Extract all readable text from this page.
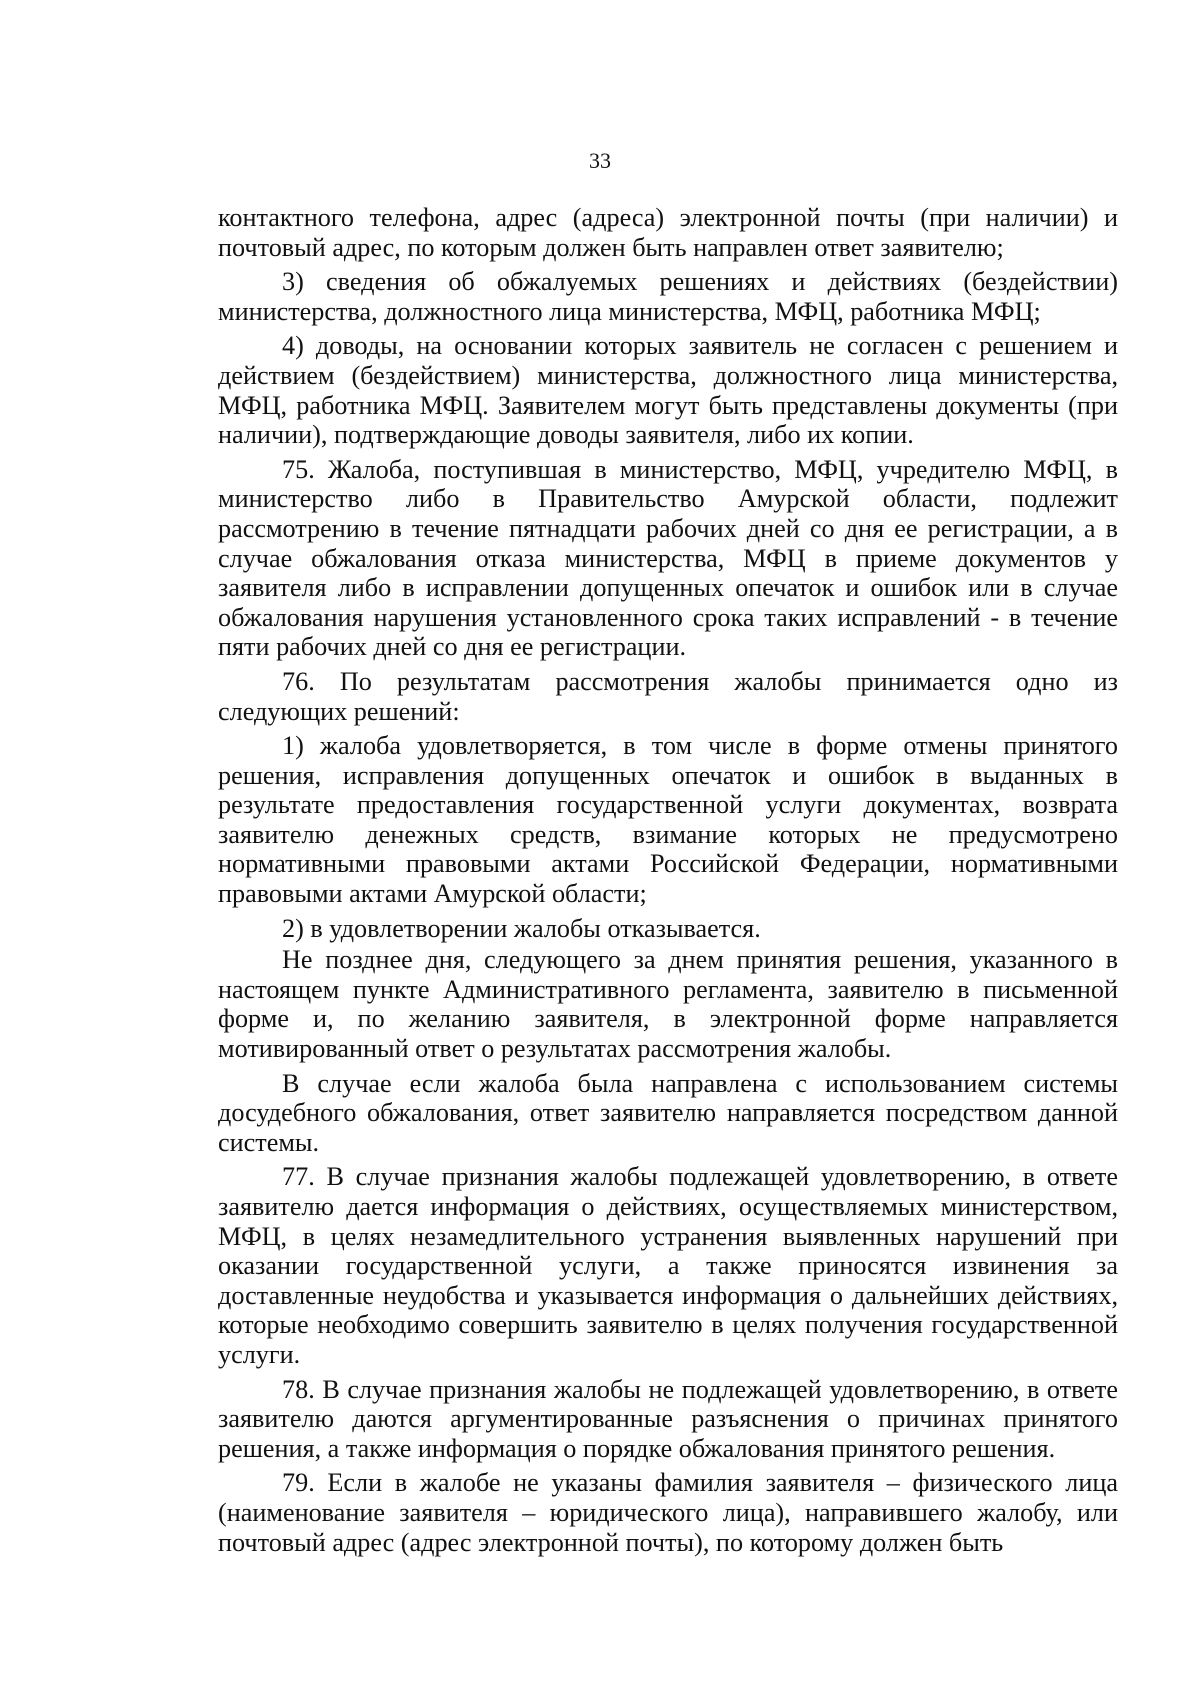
33

контактного телефона, адрес (адреса) электронной почты (при наличии) и почтовый адрес, по которым должен быть направлен ответ заявителю;

3) сведения об обжалуемых решениях и действиях (бездействии) министерства, должностного лица министерства, МФЦ, работника МФЦ;

4) доводы, на основании которых заявитель не согласен с решением и действием (бездействием) министерства, должностного лица министерства, МФЦ, работника МФЦ. Заявителем могут быть представлены документы (при наличии), подтверждающие доводы заявителя, либо их копии.

75. Жалоба, поступившая в министерство, МФЦ, учредителю МФЦ, в министерство либо в Правительство Амурской области, подлежит рассмотрению в течение пятнадцати рабочих дней со дня ее регистрации, а в случае обжалования отказа министерства, МФЦ в приеме документов у заявителя либо в исправлении допущенных опечаток и ошибок или в случае обжалования нарушения установленного срока таких исправлений - в течение пяти рабочих дней со дня ее регистрации.

76. По результатам рассмотрения жалобы принимается одно из следующих решений:

1) жалоба удовлетворяется, в том числе в форме отмены принятого решения, исправления допущенных опечаток и ошибок в выданных в результате предоставления государственной услуги документах, возврата заявителю денежных средств, взимание которых не предусмотрено нормативными правовыми актами Российской Федерации, нормативными правовыми актами Амурской области;

2) в удовлетворении жалобы отказывается.

Не позднее дня, следующего за днем принятия решения, указанного в настоящем пункте Административного регламента, заявителю в письменной форме и, по желанию заявителя, в электронной форме направляется мотивированный ответ о результатах рассмотрения жалобы.

В случае если жалоба была направлена с использованием системы досудебного обжалования, ответ заявителю направляется посредством данной системы.

77. В случае признания жалобы подлежащей удовлетворению, в ответе заявителю дается информация о действиях, осуществляемых министерством, МФЦ, в целях незамедлительного устранения выявленных нарушений при оказании государственной услуги, а также приносятся извинения за доставленные неудобства и указывается информация о дальнейших действиях, которые необходимо совершить заявителю в целях получения государственной услуги.

78. В случае признания жалобы не подлежащей удовлетворению, в ответе заявителю даются аргументированные разъяснения о причинах принятого решения, а также информация о порядке обжалования принятого решения.

79. Если в жалобе не указаны фамилия заявителя – физического лица (наименование заявителя – юридического лица), направившего жалобу, или почтовый адрес (адрес электронной почты), по которому должен быть
